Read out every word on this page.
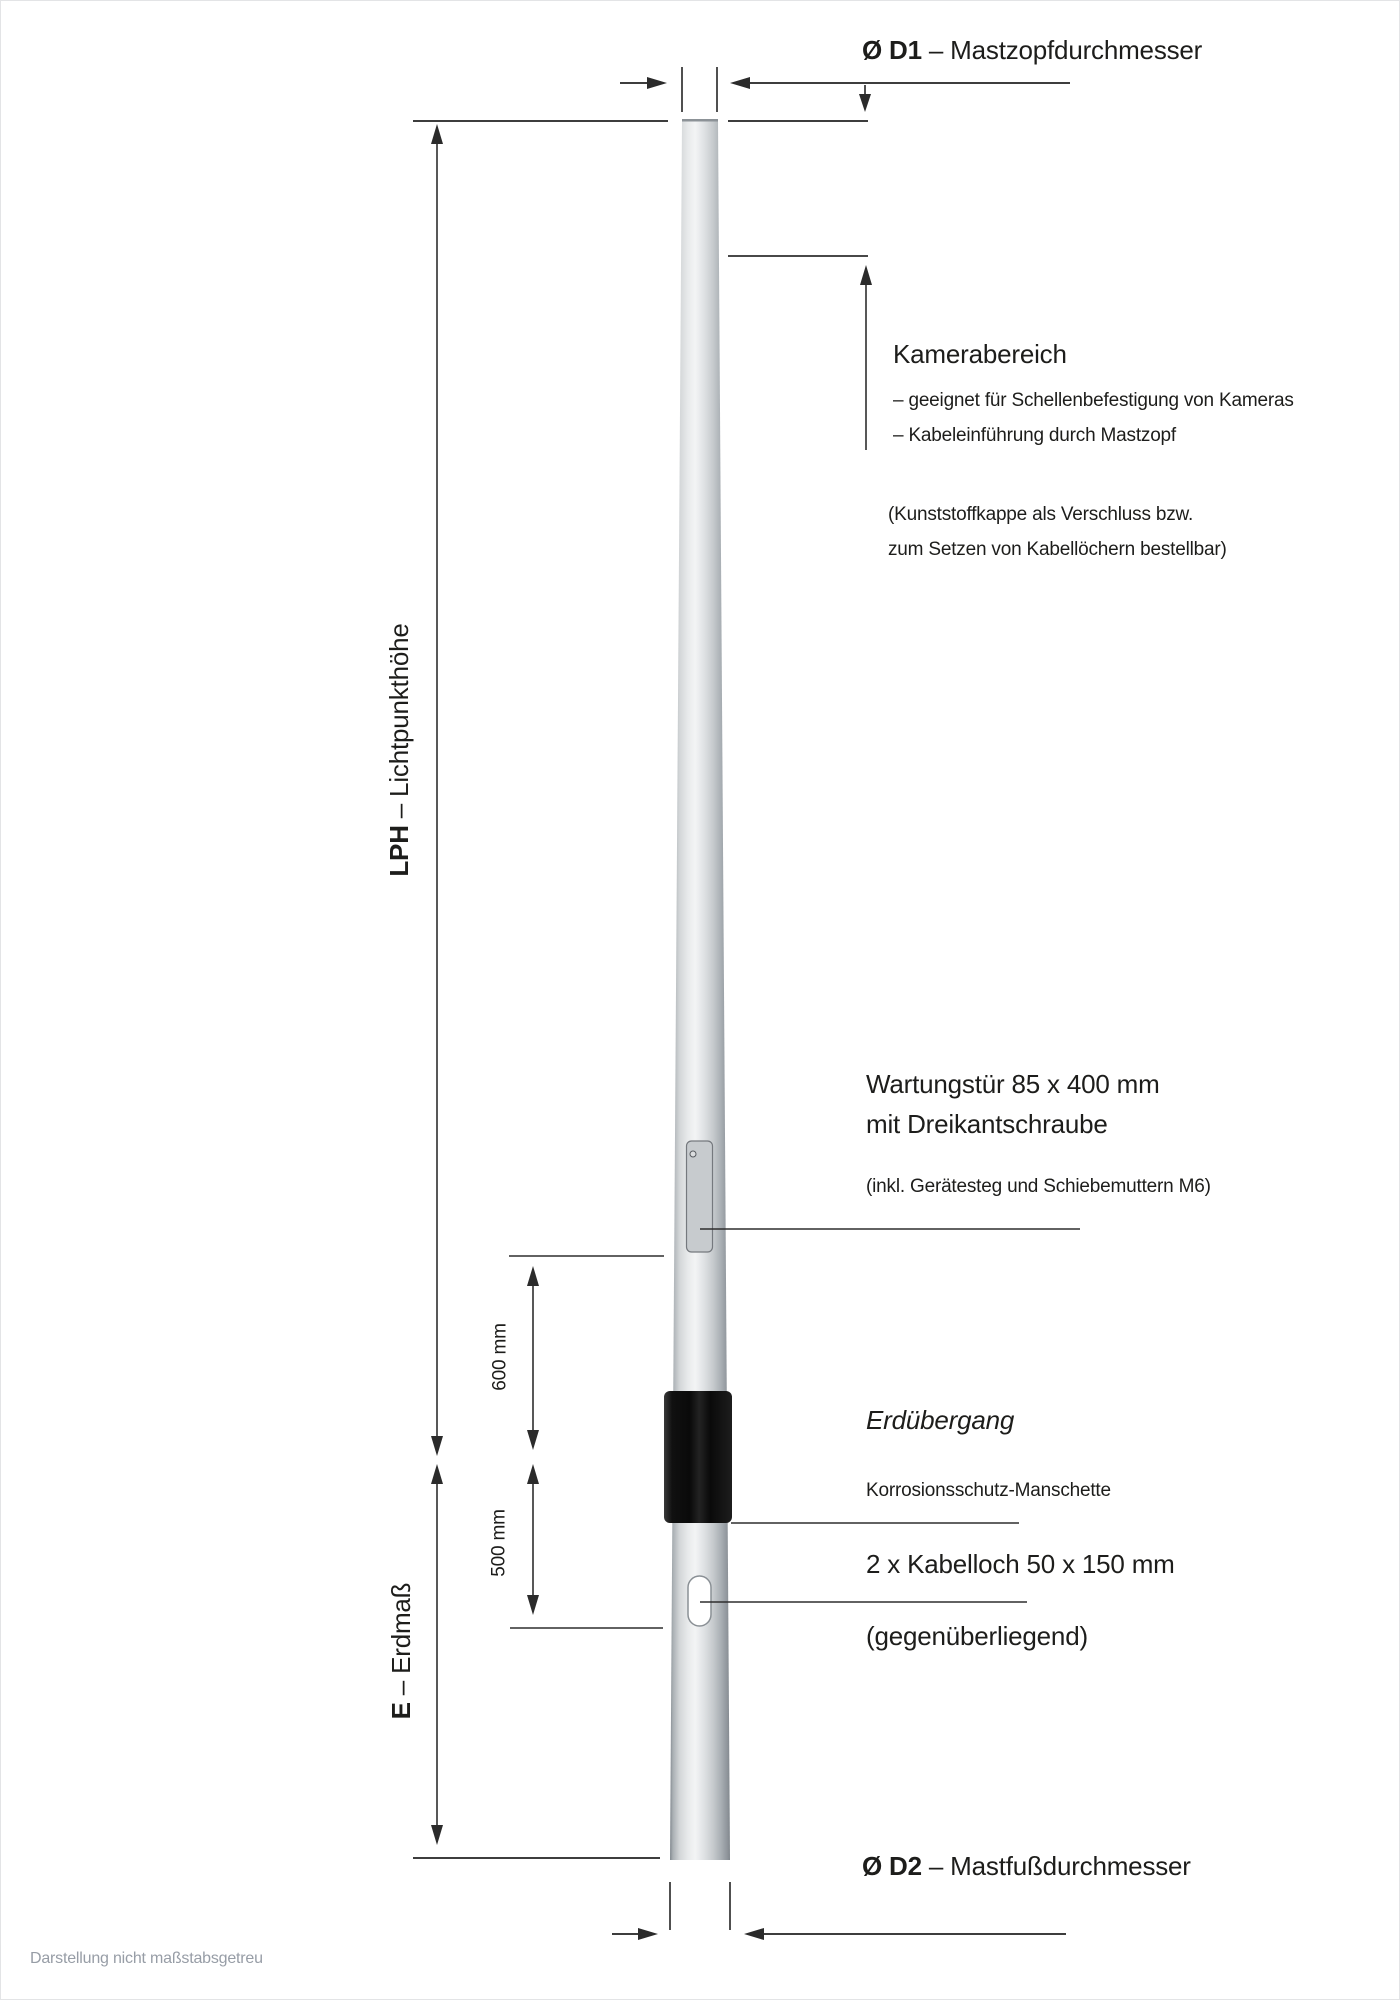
Ø D1 – Mastzopfdurchmesser
Kamerabereich
– geeignet für Schellenbefestigung von Kameras
– Kabeleinführung durch Mastzopf
(Kunststoffkappe als Verschluss bzw.
zum Setzen von Kabellöchern bestellbar)
LPH– Lichtpunkthöhe
Wartungstür 85 x 400 mm
mit Dreikantschraube
(inkl. Gerätesteg und Schiebemuttern M6)
600 mm
Erdübergang
Korrosionsschutz-Manschette
2 x Kabelloch 50 x 150 mm
(gegenüberliegend)
500 mm
E– Erdmaß
Ø D2 – Mastfußdurchmesser
Darstellung nicht maßstabsgetreu
